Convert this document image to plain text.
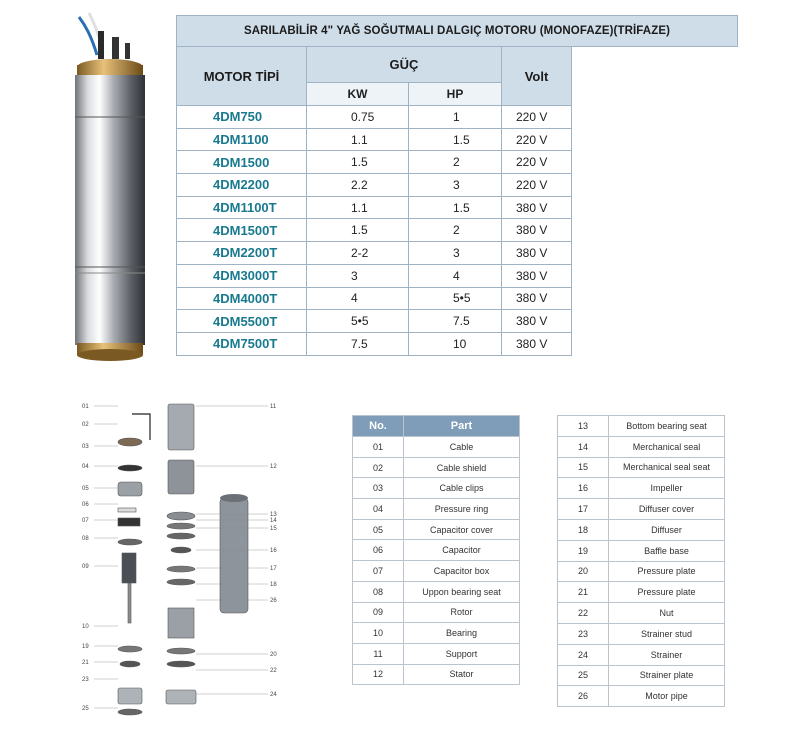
SARILABİLİR 4" YAĞ SOĞUTMALI DALGIÇ MOTORU (MONOFAZE)(TRİFAZE)				
MOTOR TİPİ	GÜÇ		Volt	
	KW	HP		
4DM750	0.75	1	220 V	
4DM1100	1.1	1.5	220 V	
4DM1500	1.5	2	220 V	
4DM2200	2.2	3	220 V	
4DM1100T	1.1	1.5	380 V	
4DM1500T	1.5	2	380 V	
4DM2200T	2-2	3	380 V	
4DM3000T	3	4	380 V	
4DM4000T	4	5•5	380 V	
4DM5500T	5•5	7.5	380 V	
4DM7500T	7.5	10	380 V	
01
02
03
04
05
06
07
08
09
10
19
21
23
25
11
12
13
14
15
16
17
18
26
20
22
24
No.	Part
01	Cable
02	Cable shield
03	Cable clips
04	Pressure ring
05	Capacitor cover
06	Capacitor
07	Capacitor box
08	Uppon bearing seat
09	Rotor
10	Bearing
11	Support
12	Stator
13	Bottom bearing seat
14	Merchanical seal
15	Merchanical seal seat
16	Impeller
17	Diffuser cover
18	Diffuser
19	Baffle base
20	Pressure plate
21	Pressure plate
22	Nut
23	Strainer stud
24	Strainer
25	Strainer plate
26	Motor pipe
